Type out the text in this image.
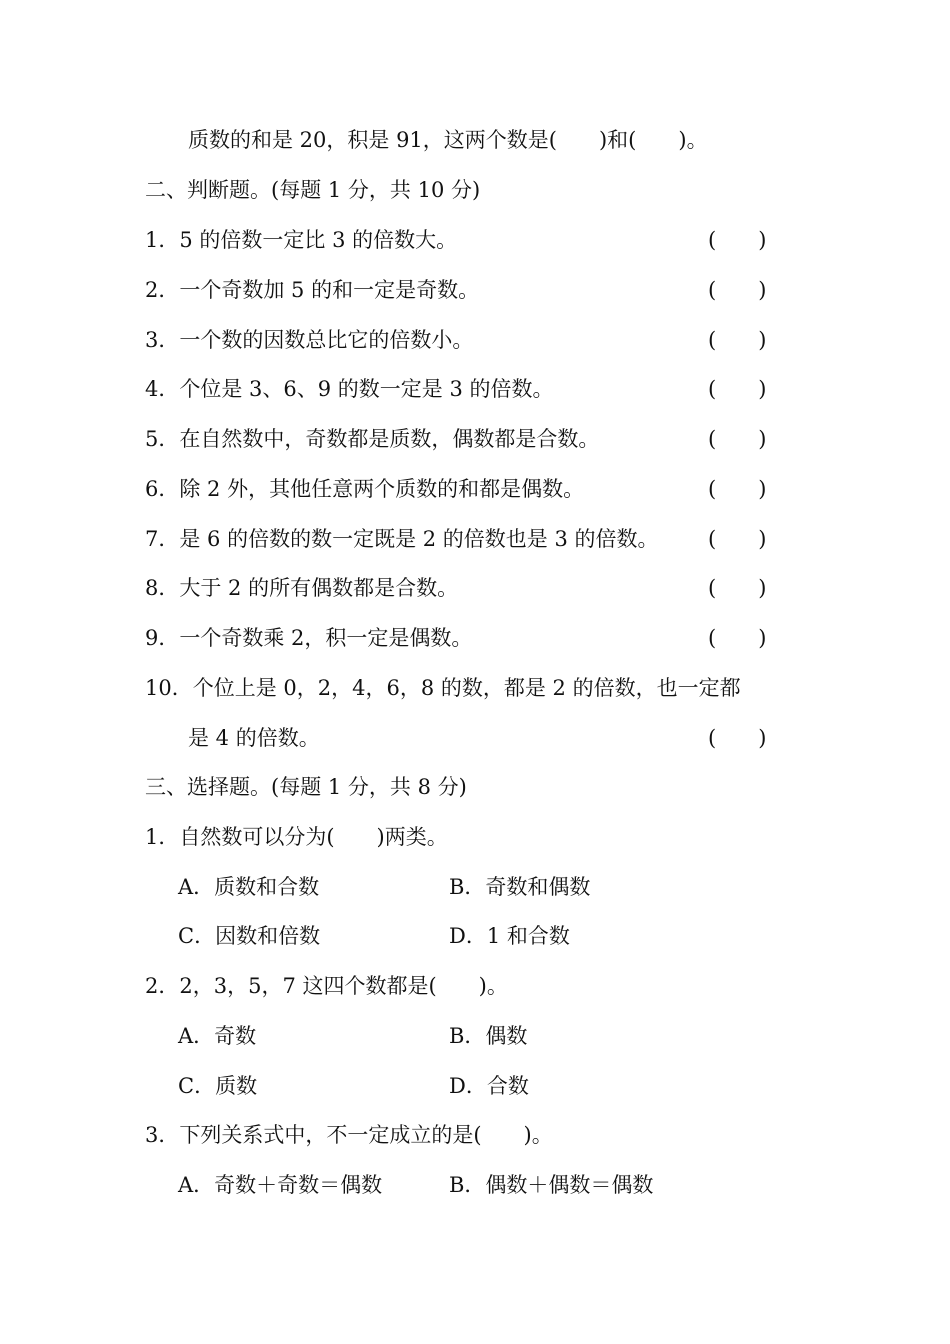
质数的和是 20，积是 91，这两个数是(　　)和(　　)。
二、判断题。(每题 1 分，共 10 分)
1．5 的倍数一定比 3 的倍数大。	(　　)
2．一个奇数加 5 的和一定是奇数。	(　　)
3．一个数的因数总比它的倍数小。	(　　)
4．个位是 3、6、9 的数一定是 3 的倍数。	(　　)
5．在自然数中，奇数都是质数，偶数都是合数。	(　　)
6．除 2 外，其他任意两个质数的和都是偶数。	(　　)
7．是 6 的倍数的数一定既是 2 的倍数也是 3 的倍数。 (　　)
8．大于 2 的所有偶数都是合数。	(　　)
9．一个奇数乘 2，积一定是偶数。	(　　)
10．个位上是 0，2，4，6，8 的数，都是 2 的倍数，也一定都
是 4 的倍数。	(　　)
三、选择题。(每题 1 分，共 8 分)
1．自然数可以分为(　　)两类。
A．质数和合数	B．奇数和偶数
C．因数和倍数	D．1 和合数
2．2，3，5，7 这四个数都是(　　)。
A．奇数	B．偶数
C．质数	D．合数
3．下列关系式中，不一定成立的是(　　)。
A．奇数＋奇数＝偶数	B．偶数＋偶数＝偶数
